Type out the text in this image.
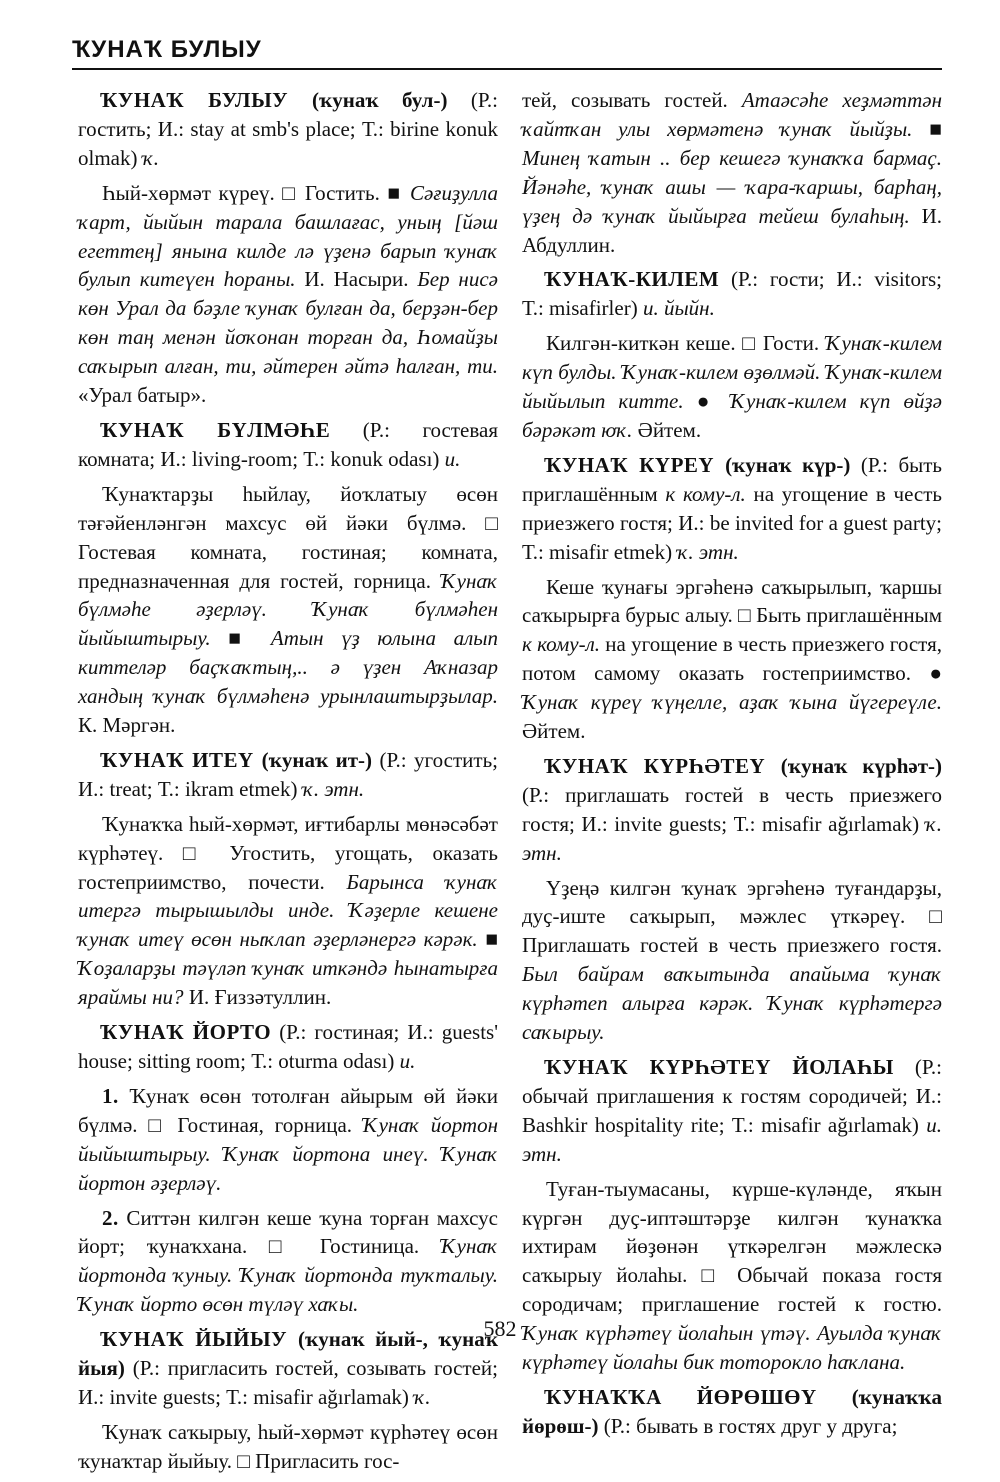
ҠУНАҠ БУЛЫУ

ҠУНАҠ БУЛЫУ (ҡунаҡ бул-) (Р.: гостить; И.: stay at smb's place; Т.: birine konuk olmak) ҡ.

Һый-хөрмәт күреү. □ Гостить. ■ Сәғиҙулла ҡарт, йыйын тарала башлағас, уның [йәш егеттең] янына килде лә үҙенә барып ҡунаҡ булып китеүен һораны. И. Насыри. Бер нисә көн Урал да бәҙле ҡунаҡ булған да, берҙән-бер көн таң менән йоҡонан торған да, Һомайҙы саҡырып алған, ти, әйтерен әйтә һалған, ти. «Урал батыр».

ҠУНАҠ БҮЛМӘҺЕ (Р.: гостевая комната; И.: living-room; Т.: konuk odası) и.

Ҡунаҡтарҙы һыйлау, йоҡлатыу өсөн тәғәйенләнгән махсус өй йәки бүлмә. □ Гостевая комната, гостиная; комната, предназначенная для гостей, горница. Ҡунаҡ бүлмәһе әҙерләү. Ҡунаҡ бүлмәһен йыйыштырыу. ■ Атын үҙ юлына алып киттеләр баҫҡаҡтың,.. ә үҙен Аҡназар хандың ҡунаҡ бүлмәһенә урынлаштырҙылар. К. Мәргән.

ҠУНАҠ ИТЕҮ (ҡунаҡ ит-) (Р.: угостить; И.: treat; Т.: ikram etmek) ҡ. этн.

Ҡунаҡҡа һый-хөрмәт, иғтибарлы мөнәсәбәт күрһәтеү. □ Угостить, угощать, оказать гостеприимство, почести. Барынса ҡунаҡ итергә тырышылды инде. Ҡәҙерле кешене ҡунаҡ итеү өсөн ныҡлап әҙерләнергә кәрәк. ■ Ҡоҙаларҙы тәүләп ҡунаҡ иткәндә һынатырға яраймы ни? И. Ғиззәтуллин.

ҠУНАҠ ЙОРТО (Р.: гостиная; И.: guests' house; sitting room; Т.: oturma odası) и.

1. Ҡунаҡ өсөн тотолған айырым өй йәки бүлмә. □ Гостиная, горница. Ҡунаҡ йортон йыйыштырыу. Ҡунаҡ йортона инеү. Ҡунаҡ йортон әҙерләү.

2. Ситтән килгән кеше ҡуна торған махсус йорт; ҡунаҡхана. □ Гостиница. Ҡунаҡ йортонда ҡуныу. Ҡунаҡ йортонда туҡталыу. Ҡунаҡ йорто өсөн түләү хаҡы.

ҠУНАҠ ЙЫЙЫУ (ҡунаҡ йый-, ҡунаҡ йыя) (Р.: пригласить гостей, созывать гостей; И.: invite guests; Т.: misafir ağırlamak) ҡ.

Ҡунаҡ саҡырыу, һый-хөрмәт күрһәтеү өсөн ҡунаҡтар йыйыу. □ Пригласить гос-

тей, созывать гостей. Атаәсәһе хеҙмәттән ҡайтҡан улы хөрмәтенә ҡунаҡ йыйҙы. ■ Минең ҡатын .. бер кешегә ҡунаҡҡа бармаҫ. Йәнәһе, ҡунаҡ ашы — ҡара-ҡаршы, барһаң, үҙең дә ҡунаҡ йыйырға тейеш булаһың. И. Абдуллин.

ҠУНАҠ-КИЛЕМ (Р.: гости; И.: visitors; Т.: misafirler) и. йыйн.

Килгән-киткән кеше. □ Гости. Ҡунаҡ-килем күп булды. Ҡунаҡ-килем өҙөлмәй. Ҡунаҡ-килем йыйылып китте. ● Ҡунаҡ-килем күп өйҙә бәрәкәт юҡ. Әйтем.

ҠУНАҠ КҮРЕҮ (ҡунаҡ күр-) (Р.: быть приглашённым к кому-л. на угощение в честь приезжего гостя; И.: be invited for a guest party; Т.: misafir etmek) ҡ. этн.

Кеше ҡунағы эргәһенә саҡырылып, ҡаршы саҡырырға бурыс алыу. □ Быть приглашённым к кому-л. на угощение в честь приезжего гостя, потом самому оказать гостеприимство. ● Ҡунаҡ күреү ҡүңелле, аҙаҡ ҡына йүгереүле. Әйтем.

ҠУНАҠ КҮРҺӘТЕҮ (ҡунаҡ күрһәт-) (Р.: приглашать гостей в честь приезжего гостя; И.: invite guests; Т.: misafir ağırlamak) ҡ. этн.

Үҙеңә килгән ҡунаҡ эргәһенә туғандарҙы, дуҫ-иште саҡырып, мәжлес үткәреү. □ Приглашать гостей в честь приезжего гостя. Был байрам ваҡытында апайыма ҡунаҡ күрһәтеп алырға кәрәк. Ҡунаҡ күрһәтергә саҡырыу.

ҠУНАҠ КҮРҺӘТЕҮ ЙОЛАҺЫ (Р.: обычай приглашения к гостям сородичей; И.: Bashkir hospitality rite; Т.: misafir ağırlamak) и. этн.

Туған-тыумасаны, күрше-күләнде, яҡын күргән дуҫ-иптәштәрҙе килгән ҡунаҡҡа ихтирам йөҙөнән үткәрелгән мәжлескә саҡырыу йолаһы. □ Обычай показа гостя сородичам; приглашение гостей к гостю. Ҡунаҡ күрһәтеү йолаһын үтәү. Ауылда ҡунаҡ күрһәтеү йолаһы бик тоторокло һаҡлана.

ҠУНАҠҠА ЙӨРӨШӨҮ (ҡунаҡҡа йөрөш-) (Р.: бывать в гостях друг у друга;

582
